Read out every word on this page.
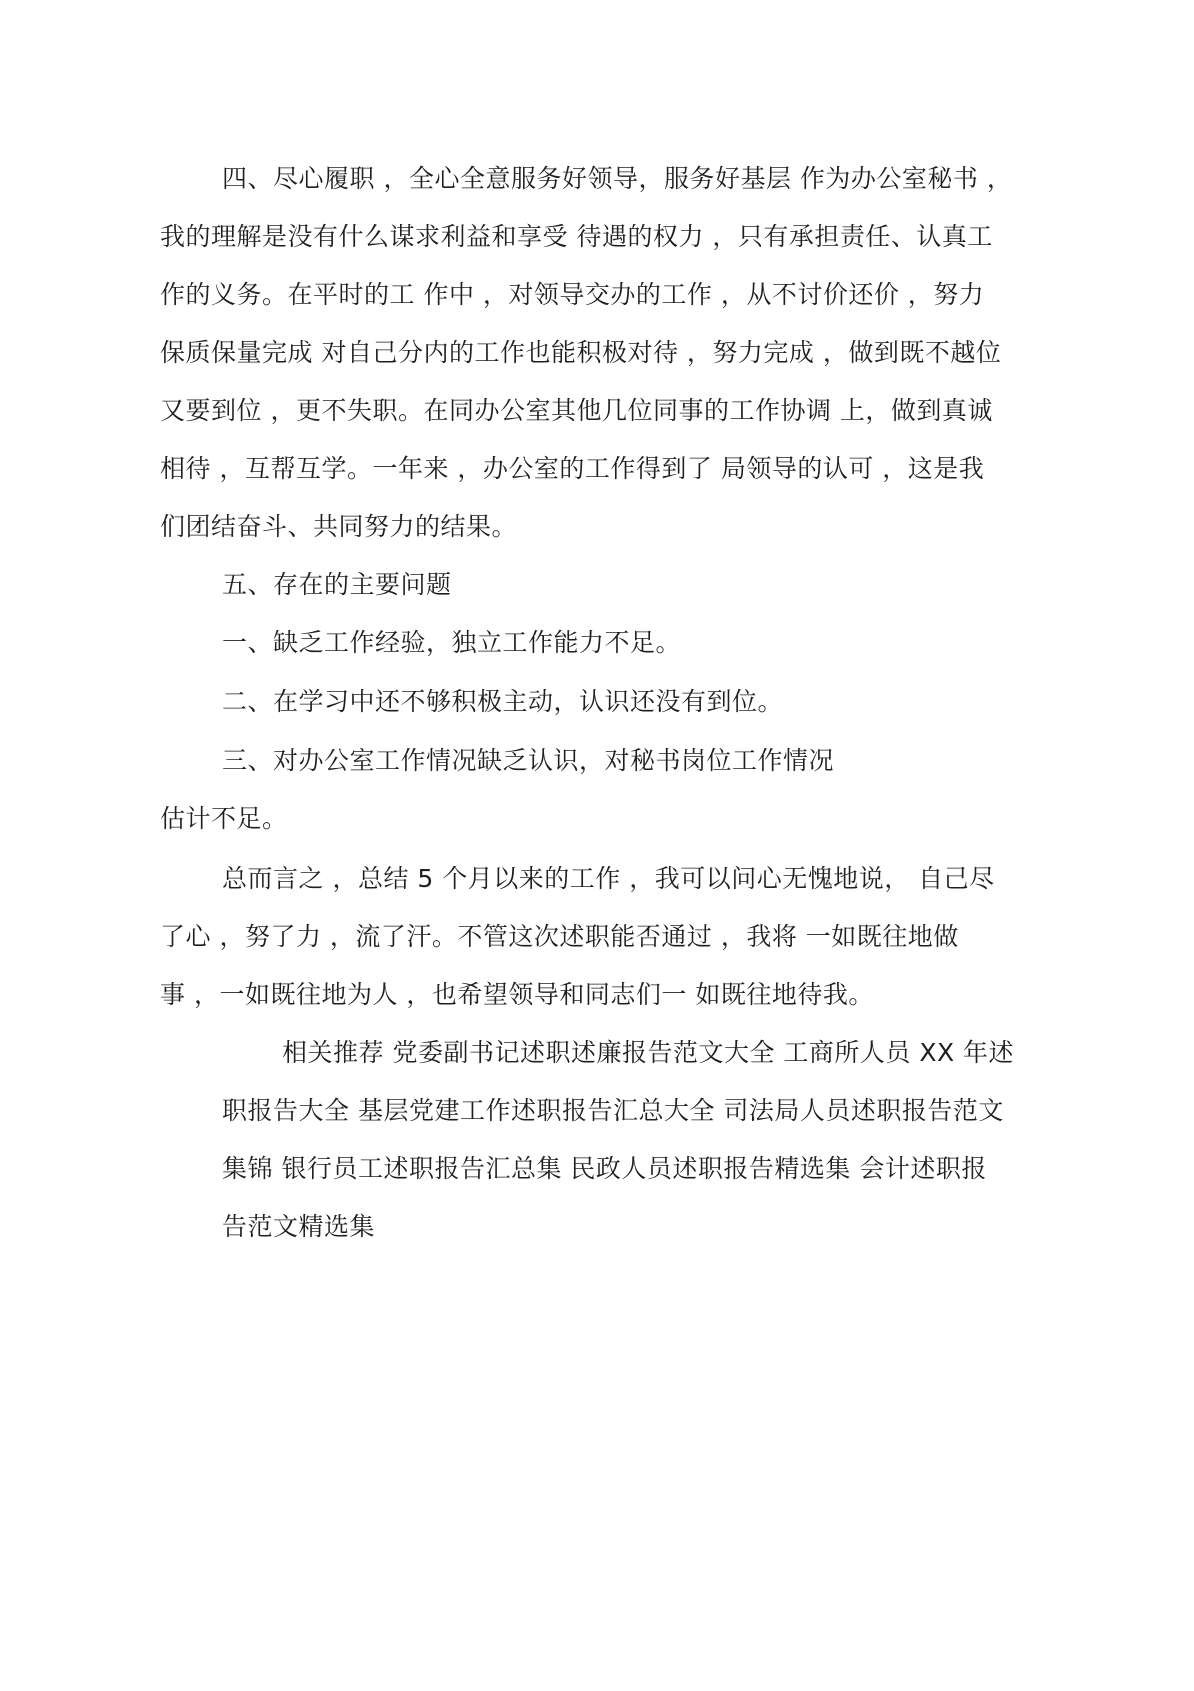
四、尽心履职 ，全心全意服务好领导，服务好基层 作为办公室秘书 ，
我的理解是没有什么谋求利益和享受 待遇的权力 ，只有承担责任、认真工
作的义务。在平时的工 作中 ，对领导交办的工作 ，从不讨价还价 ，努力
保质保量完成 对自己分内的工作也能积极对待 ，努力完成 ，做到既不越位
又要到位 ，更不失职。在同办公室其他几位同事的工作协调 上，做到真诚
相待 ，互帮互学。一年来 ，办公室的工作得到了 局领导的认可 ，这是我
们团结奋斗、共同努力的结果。
五、存在的主要问题
一、缺乏工作经验，独立工作能力不足。
二、在学习中还不够积极主动，认识还没有到位。
三、对办公室工作情况缺乏认识，对秘书岗位工作情况
估计不足。
总而言之 ，总结 5 个月以来的工作 ，我可以问心无愧地说， 自己尽
了心 ，努了力 ，流了汗。不管这次述职能否通过 ，我将 一如既往地做
事 ，一如既往地为人 ，也希望领导和同志们一 如既往地待我。
相关推荐 党委副书记述职述廉报告范文大全 工商所人员 XX 年述
职报告大全 基层党建工作述职报告汇总大全 司法局人员述职报告范文
集锦 银行员工述职报告汇总集 民政人员述职报告精选集 会计述职报
告范文精选集
